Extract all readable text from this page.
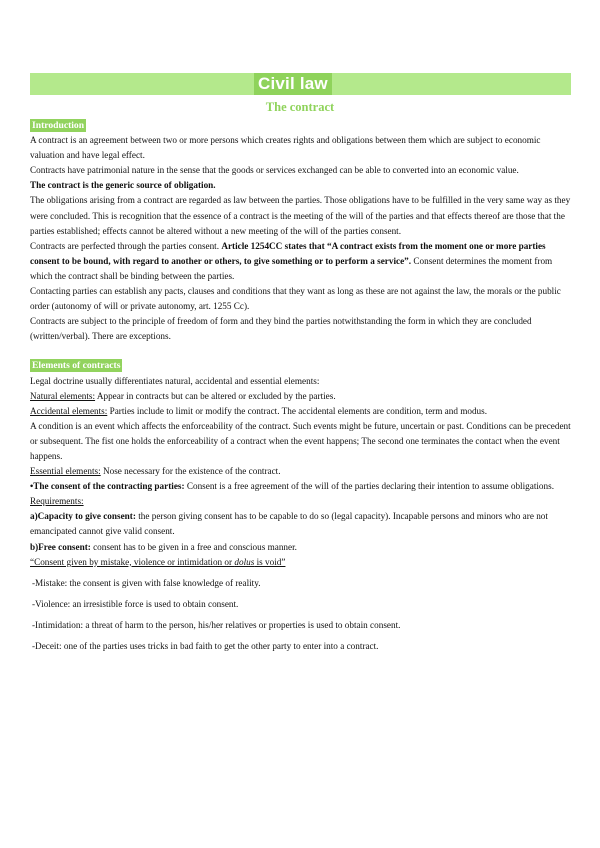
Civil law
The contract

Introduction

A contract is an agreement between two or more persons which creates rights and obligations between them which are subject to economic valuation and have legal effect.

Contracts have patrimonial nature in the sense that the goods or services exchanged can be able to converted into an economic value.

The contract is the generic source of obligation.

The obligations arising from a contract are regarded as law between the parties. Those obligations have to be fulfilled in the very same way as they were concluded. This is recognition that the essence of a contract is the meeting of the will of the parties and that effects thereof are those that the parties established; effects cannot be altered without a new meeting of the will of the parties consent.

Contracts are perfected through the parties consent. Article 1254CC states that “A contract exists from the moment one or more parties consent to be bound, with regard to another or others, to give something or to perform a service”. Consent determines the moment from which the contract shall be binding between the parties.

Contacting parties can establish any pacts, clauses and conditions that they want as long as these are not against the law, the morals or the public order (autonomy of will or private autonomy, art. 1255 Cc).

Contracts are subject to the principle of freedom of form and they bind the parties notwithstanding the form in which they are concluded (written/verbal). There are exceptions.

Elements of contracts

Legal doctrine usually differentiates natural, accidental and essential elements:

Natural elements: Appear in contracts but can be altered or excluded by the parties.

Accidental elements: Parties include to limit or modify the contract. The accidental elements are condition, term and modus.

A condition is an event which affects the enforceability of the contract. Such events might be future, uncertain or past. Conditions can be precedent or subsequent. The fist one holds the enforceability of a contract when the event happens; The second one terminates the contact when the event happens.

Essential elements: Nose necessary for the existence of the contract.

•The consent of the contracting parties: Consent is a free agreement of the will of the parties declaring their intention to assume obligations.

Requirements:

a)Capacity to give consent: the person giving consent has to be capable to do so (legal capacity). Incapable persons and minors who are not emancipated cannot give valid consent.

b)Free consent: consent has to be given in a free and conscious manner.

“Consent given by mistake, violence or intimidation or dolus is void”

-Mistake: the consent is given with false knowledge of reality.

-Violence: an irresistible force is used to obtain consent.

-Intimidation: a threat of harm to the person, his/her relatives or properties is used to obtain consent.

-Deceit: one of the parties uses tricks in bad faith to get the other party to enter into a contract.
